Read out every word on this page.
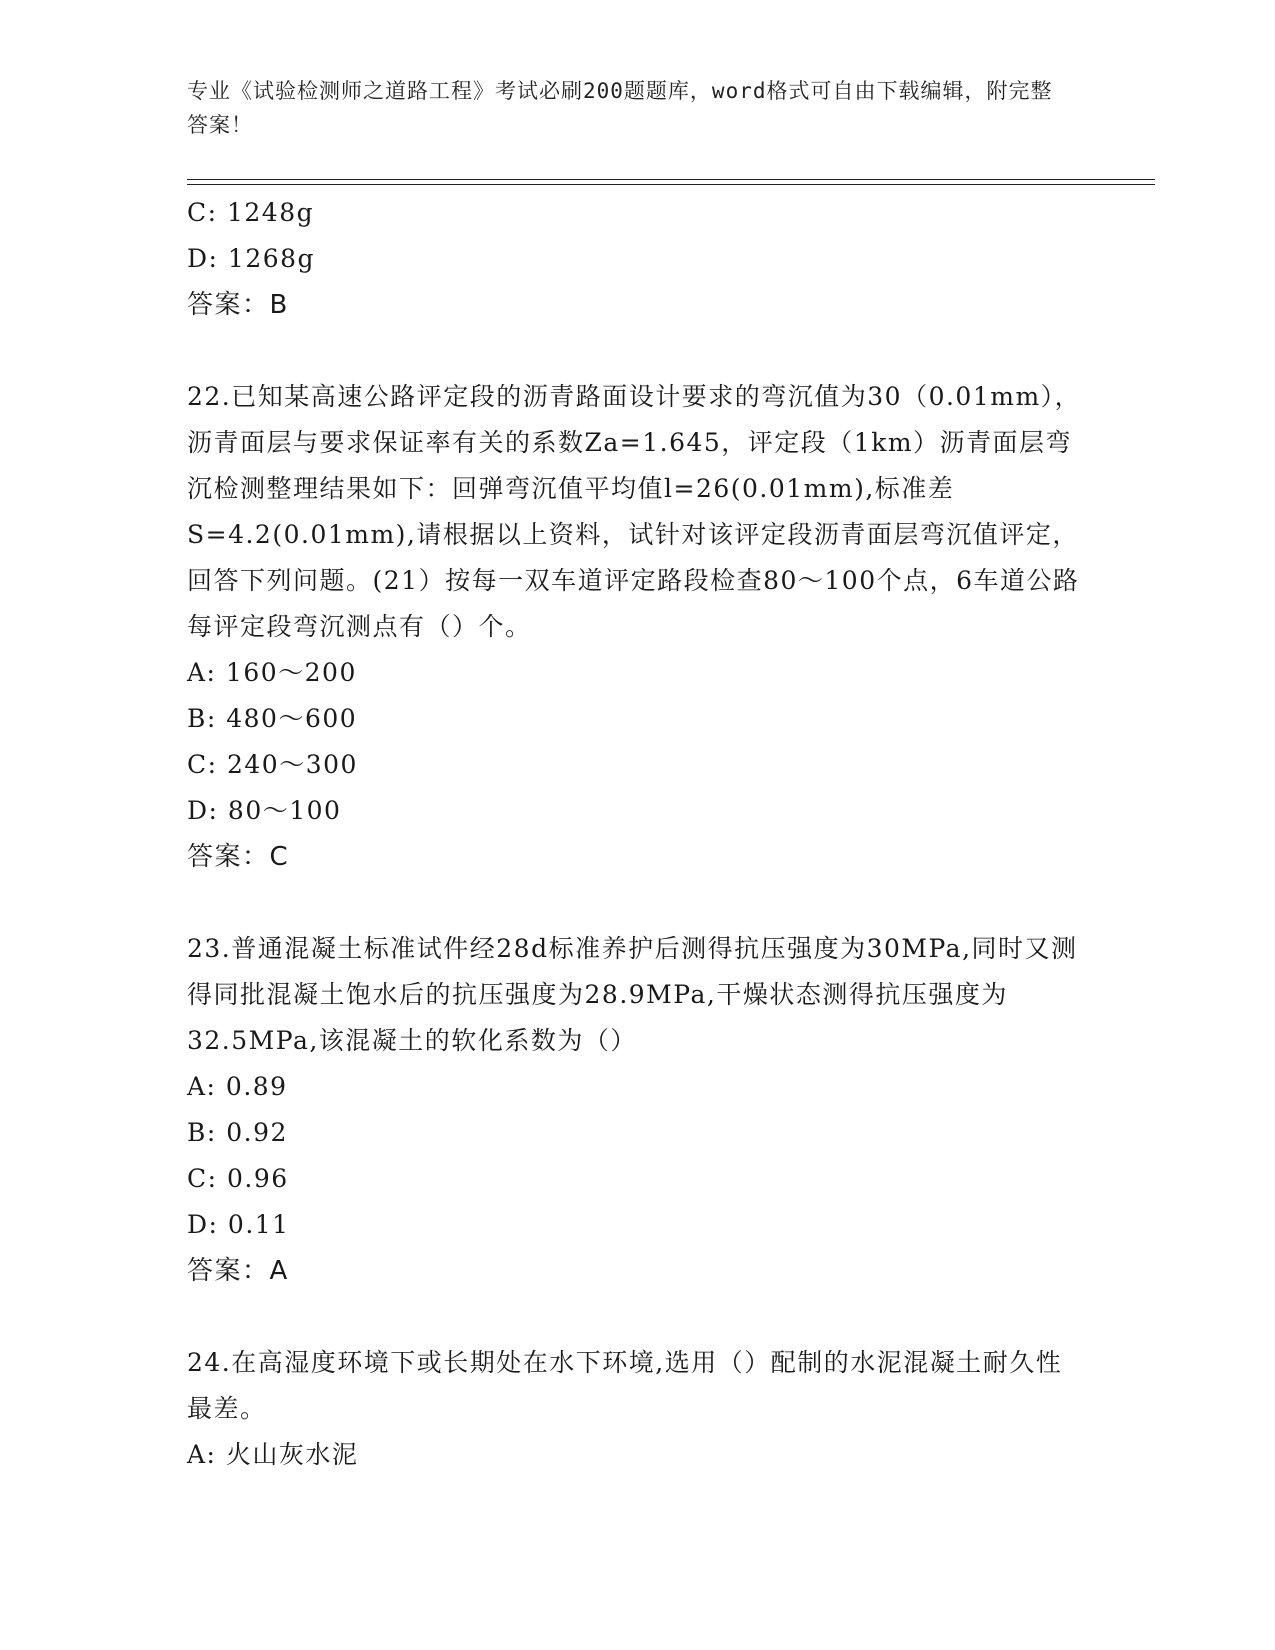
专业《试验检测师之道路工程》考试必刷200题题库，word格式可自由下载编辑，附完整答案！
C: 1248g
D: 1268g
答案：B
22.已知某高速公路评定段的沥青路面设计要求的弯沉值为30（0.01mm），沥青面层与要求保证率有关的系数Za=1.645，评定段（1km）沥青面层弯沉检测整理结果如下：回弹弯沉值平均值l=26(0.01mm),标准差S=4.2(0.01mm),请根据以上资料，试针对该评定段沥青面层弯沉值评定，回答下列问题。(21）按每一双车道评定路段检查80～100个点，6车道公路每评定段弯沉测点有（）个。
A: 160～200
B: 480～600
C: 240～300
D: 80～100
答案：C
23.普通混凝土标准试件经28d标准养护后测得抗压强度为30MPa,同时又测得同批混凝土饱水后的抗压强度为28.9MPa,干燥状态测得抗压强度为32.5MPa,该混凝土的软化系数为（）
A: 0.89
B: 0.92
C: 0.96
D: 0.11
答案：A
24.在高湿度环境下或长期处在水下环境,选用（）配制的水泥混凝土耐久性最差。
A: 火山灰水泥
